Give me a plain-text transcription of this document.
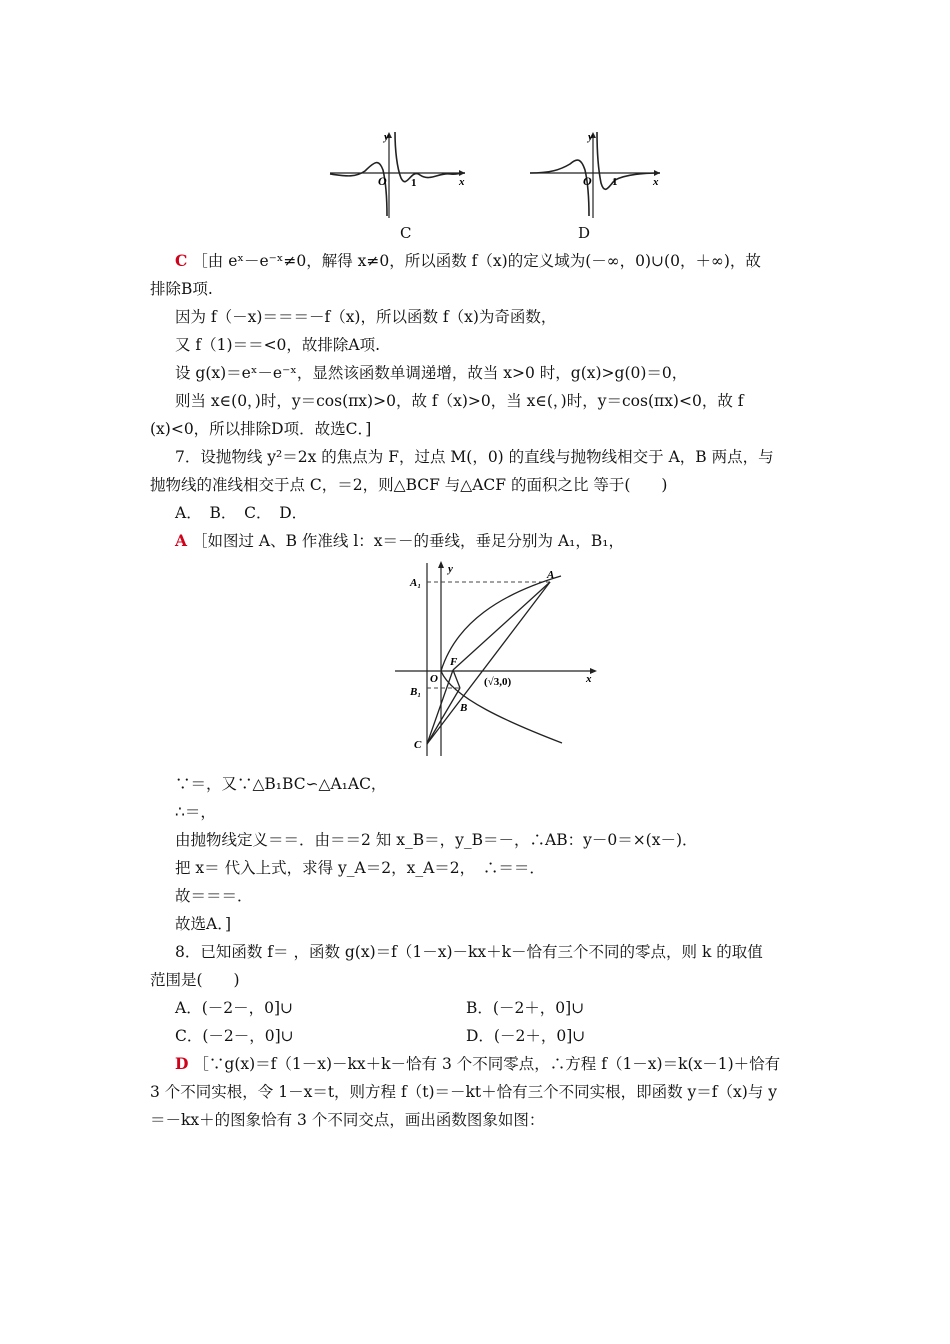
y
x
O 1
C
y
x
O 1
D
C ［由 eˣ－e⁻ˣ≠0，解得 x≠0，所以函数 f（x)的定义域为(－∞，0)∪(0，＋∞)，故
排除B项.
因为 f（－x)＝＝＝－f（x)，所以函数 f（x)为奇函数，
又 f（1)＝＝<0，故排除A项.
设 g(x)＝eˣ－e⁻ˣ，显然该函数单调递增，故当 x>0 时，g(x)>g(0)＝0，
则当 x∈(0，)时，y＝cos(πx)>0，故 f（x)>0，当 x∈(，)时，y＝cos(πx)<0，故 f
(x)<0，所以排除D项．故选C．]
7．设抛物线 y²＝2x 的焦点为 F，过点 M(，0) 的直线与抛物线相交于 A，B 两点，与
抛物线的准线相交于点 C，＝2，则△BCF 与△ACF 的面积之比 等于(　　)
A．　B．　C．　D．
A ［如图过 A、B 作准线 l：x＝－的垂线，垂足分别为 A₁，B₁，
A
A₁
y
x
F
O	(√3,0)
B₁
B
C
∵＝，又∵△B₁BC∽△A₁AC，
∴＝，
由抛物线定义＝＝．由＝＝2 知 x_B＝，y_B＝－，∴AB：y－0＝×(x－)．
把 x＝ 代入上式，求得 y_A＝2，x_A＝2，　∴＝＝．
故＝＝＝．
故选A．]
8．已知函数 f＝ ，函数 g(x)＝f（1－x)－kx＋k－恰有三个不同的零点，则 k 的取值
范围是(　　)
A．(－2－，0]∪	B．(－2＋，0]∪
C．(－2－，0]∪	D．(－2＋，0]∪
D ［∵g(x)＝f（1－x)－kx＋k－恰有 3 个不同零点，∴方程 f（1－x)＝k(x－1)＋恰有
3 个不同实根，令 1－x＝t，则方程 f（t)＝－kt＋恰有三个不同实根，即函数 y＝f（x)与 y
＝－kx＋的图象恰有 3 个不同交点，画出函数图象如图：
